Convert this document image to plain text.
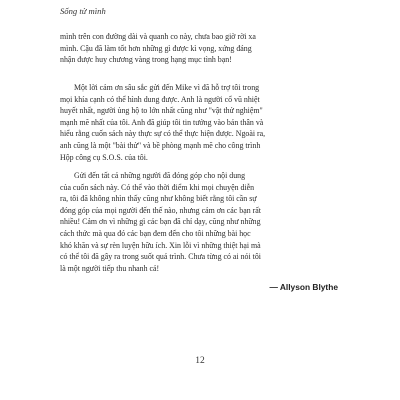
Sống tử mình

mình trên con đường dài và quanh co này, chưa bao giờ rời xa
mình. Cậu đã làm tốt hơn những gì được kì vọng, xứng đáng
nhận được huy chương vàng trong hạng mục tình bạn!

Một lời cảm ơn sâu sắc gửi đến Mike vì đã hỗ trợ tôi trong
mọi khía cạnh có thể hình dung được. Anh là người cổ vũ nhiệt
huyết nhất, người ủng hộ to lớn nhất cũng như "vật thử nghiệm"
mạnh mẽ nhất của tôi. Anh đã giúp tôi tin tưởng vào bản thân và
hiểu rằng cuốn sách này thực sự có thể thực hiện được. Ngoài ra,
anh cũng là một "bài thử" và bề phòng mạnh mẽ cho công trình
Hộp công cụ S.O.S. của tôi.

Gửi đến tất cả những người đã đóng góp cho nội dung
của cuốn sách này. Có thể vào thời điểm khi mọi chuyện diễn
ra, tôi đã không nhìn thấy cũng như không biết rằng tôi cần sự
đóng góp của mọi người đến thế nào, nhưng cảm ơn các bạn rất
nhiều! Cảm ơn vì những gì các bạn đã chỉ dạy, cũng như những
cách thức mà qua đó các bạn đem đến cho tôi những bài học
khó khăn và sự rèn luyện hữu ích. Xin lỗi vì những thiệt hại mà
có thể tôi đã gây ra trong suốt quá trình. Chưa từng có ai nói tôi
là một người tiếp thu nhanh cả!

— Allyson Blythe
12
